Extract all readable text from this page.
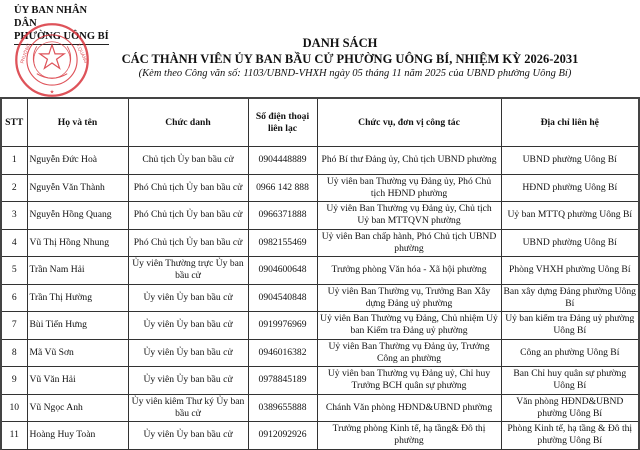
ỦY BAN NHÂN DÂN
PHƯỜNG UÔNG BÍ
★
PHƯỜNG	T.QUẢNG
DANH SÁCH
CÁC THÀNH VIÊN ỦY BAN BẦU CỬ PHƯỜNG UÔNG BÍ, NHIỆM KỲ 2026-2031
(Kèm theo Công văn số: 1103/UBND-VHXH ngày 05 tháng 11 năm 2025 của UBND phường Uông Bí)
STT	Họ và tên	Chức danh	Số điện thoại liên lạc	Chức vụ, đơn vị công tác	Địa chỉ liên hệ
1	Nguyễn Đức Hoà	Chủ tịch Ủy ban bầu cử	0904448889	Phó Bí thư Đảng ủy, Chủ tịch UBND phường	UBND phường Uông Bí
2	Nguyễn Văn Thành	Phó Chủ tịch Ủy ban bầu cử	0966 142 888	Uỷ viên ban Thường vụ Đảng ủy, Phó Chủ tịch HĐND phường	HĐND phường Uông Bí
3	Nguyễn Hồng Quang	Phó Chủ tịch Ủy ban bầu cử	0966371888	Uỷ viên Ban Thường vụ Đảng ủy, Chủ tịch Uỷ ban MTTQVN phường	Uỷ ban MTTQ phường Uông Bí
4	Vũ Thị Hồng Nhung	Phó Chủ tịch Ủy ban bầu cử	0982155469	Uỷ viên Ban chấp hành, Phó Chủ tịch UBND phường	UBND phường Uông Bí
5	Trần Nam Hải	Ủy viên Thường trực Ủy ban bầu cử	0904600648	Trưởng phòng Văn hóa - Xã hội phường	Phòng VHXH phường Uông Bí
6	Trần Thị Hường	Ủy viên Ủy ban bầu cử	0904540848	Uỷ viên Ban Thường vụ, Trưởng Ban Xây dựng Đảng uỷ phường	Ban xây dựng Đảng phường Uông Bí
7	Bùi Tiến Hưng	Ủy viên Ủy ban bầu cử	0919976969	Uỷ viên Ban Thường vụ Đảng, Chủ nhiệm Uỷ ban Kiểm tra Đảng uỷ phường	Uỷ ban kiểm tra Đảng uỷ phường Uông Bí
8	Mã Vũ Sơn	Ủy viên Ủy ban bầu cử	0946016382	Uỷ viên Ban Thường vụ Đảng ủy, Trưởng Công an phường	Công an phường Uông Bí
9	Vũ Văn Hải	Ủy viên Ủy ban bầu cử	0978845189	Uỷ viên ban Thường vụ Đảng uỷ, Chỉ huy Trưởng BCH quân sự phường	Ban Chỉ huy quân sự phường Uông Bí
10	Vũ Ngọc Anh	Ủy viên kiêm Thư ký Ủy ban bầu cử	0389655888	Chánh Văn phòng HĐND&UBND phường	Văn phòng HĐND&UBND phường Uông Bí
11	Hoàng Huy Toàn	Ủy viên Ủy ban bầu cử	0912092926	Trưởng phòng Kinh tế, hạ tầng& Đô thị phường	Phòng Kinh tế, hạ tầng & Đô thị phường Uông Bí
